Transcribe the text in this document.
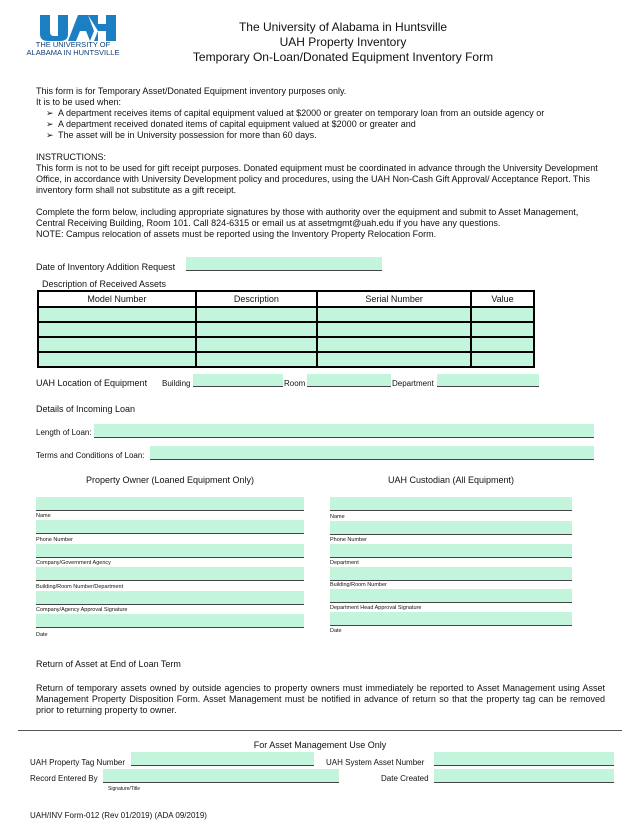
THE UNIVERSITY OF
ALABAMA IN HUNTSVILLE
The University of Alabama in Huntsville
UAH Property Inventory
Temporary On-Loan/Donated Equipment Inventory Form
This form is for Temporary Asset/Donated Equipment inventory purposes only.
It is to be used when:
➢ A department receives items of capital equipment valued at $2000 or greater on temporary loan from an outside agency or
➢ A department received donated items of capital equipment valued at $2000 or greater and
➢ The asset will be in University possession for more than 60 days.
INSTRUCTIONS:
This form is not to be used for gift receipt purposes. Donated equipment must be coordinated in advance through the University Development Office, in accordance with University Development policy and procedures, using the UAH Non-Cash Gift Approval/ Acceptance Report. This inventory form shall not substitute as a gift receipt.
Complete the form below, including appropriate signatures by those with authority over the equipment and submit to Asset Management, Central Receiving Building, Room 101. Call 824-6315 or email us at assetmgmt@uah.edu if you have any questions.
NOTE: Campus relocation of assets must be reported using the Inventory Property Relocation Form.
Date of Inventory Addition Request
Description of Received Assets
Model Number	Description	Serial Number	Value

UAH Location of Equipment Building	Room	Department
Details of Incoming Loan
Length of Loan:
Terms and Conditions of Loan:
Property Owner (Loaned Equipment Only)	UAH Custodian (All Equipment)
Name
Phone Number
Company/Government Agency
Building/Room Number/Department
Company/Agency Approval Signature
Date
Name
Phone Number
Department
Building/Room Number
Department Head Approval Signature
Date
Return of Asset at End of Loan Term
Return of temporary assets owned by outside agencies to property owners must immediately be reported to Asset Management using Asset Management Property Disposition Form. Asset Management must be notified in advance of return so that the property tag can be removed prior to returning property to owner.
For Asset Management Use Only
UAH Property Tag Number	UAH System Asset Number
Record Entered By
Signature/Title
Date Created
UAH/INV Form-012 (Rev 01/2019) (ADA 09/2019)
